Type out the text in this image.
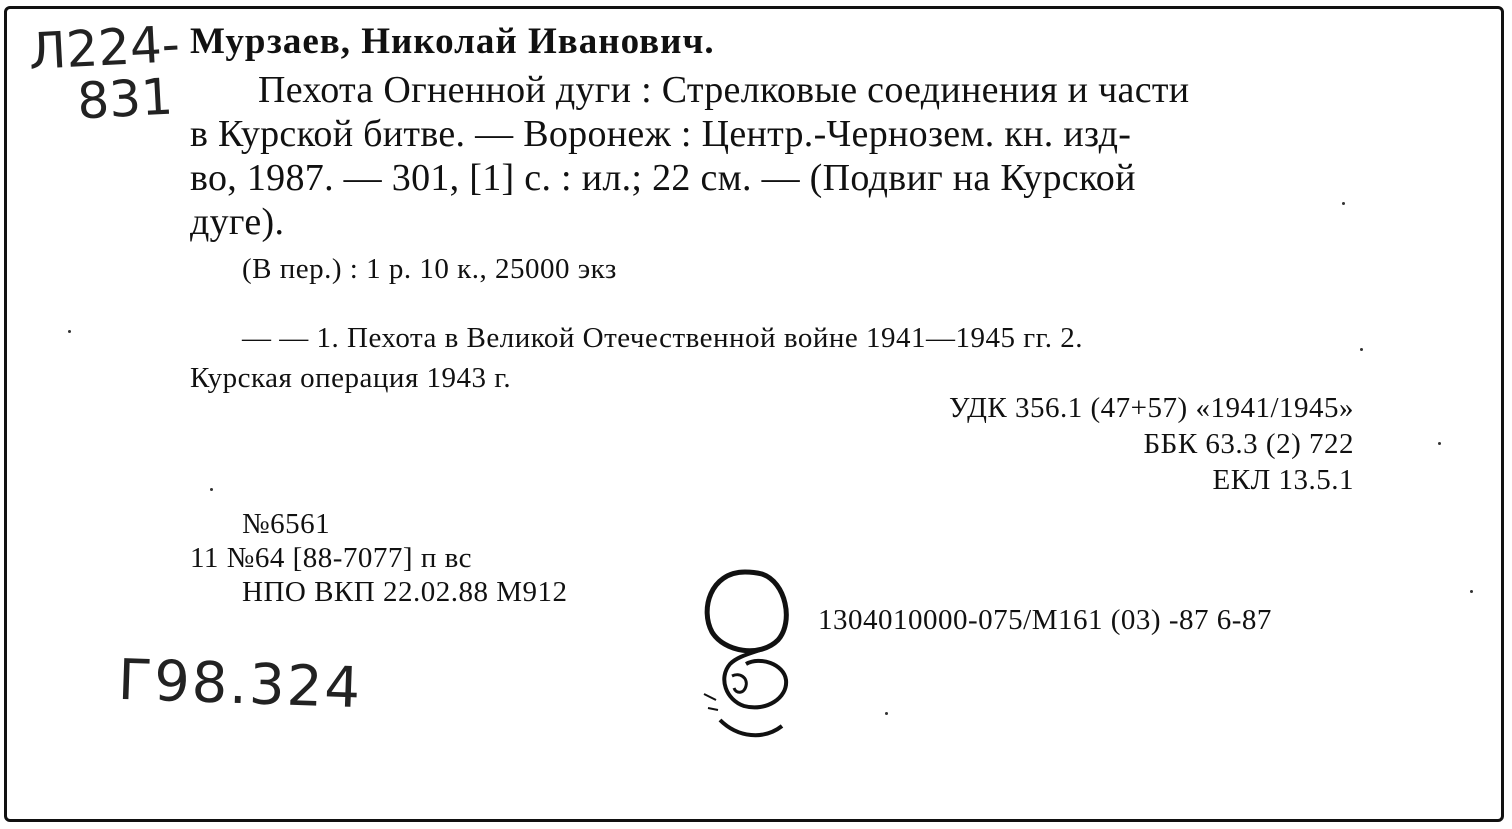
Л224-
831
Мурзаев, Николай Иванович.
Пехота Огненной дуги : Стрелковые соединения и части
в Курской битве. — Воронеж : Центр.-Чернозем. кн. изд-
во, 1987. — 301, [1] с. : ил.; 22 см. — (Подвиг на Курской
дуге).
(В пер.) : 1 р. 10 к., 25000 экз
— — 1. Пехота в Великой Отечественной войне 1941—1945 гг. 2.
Курская операция 1943 г.
УДК 356.1 (47+57) «1941/1945»
ББК 63.3 (2) 722
ЕКЛ 13.5.1
№6561
11 №64 [88-7077] п вс
НПО ВКП 22.02.88 М912
1304010000-075/М161 (03) -87 6-87
Г98.324
